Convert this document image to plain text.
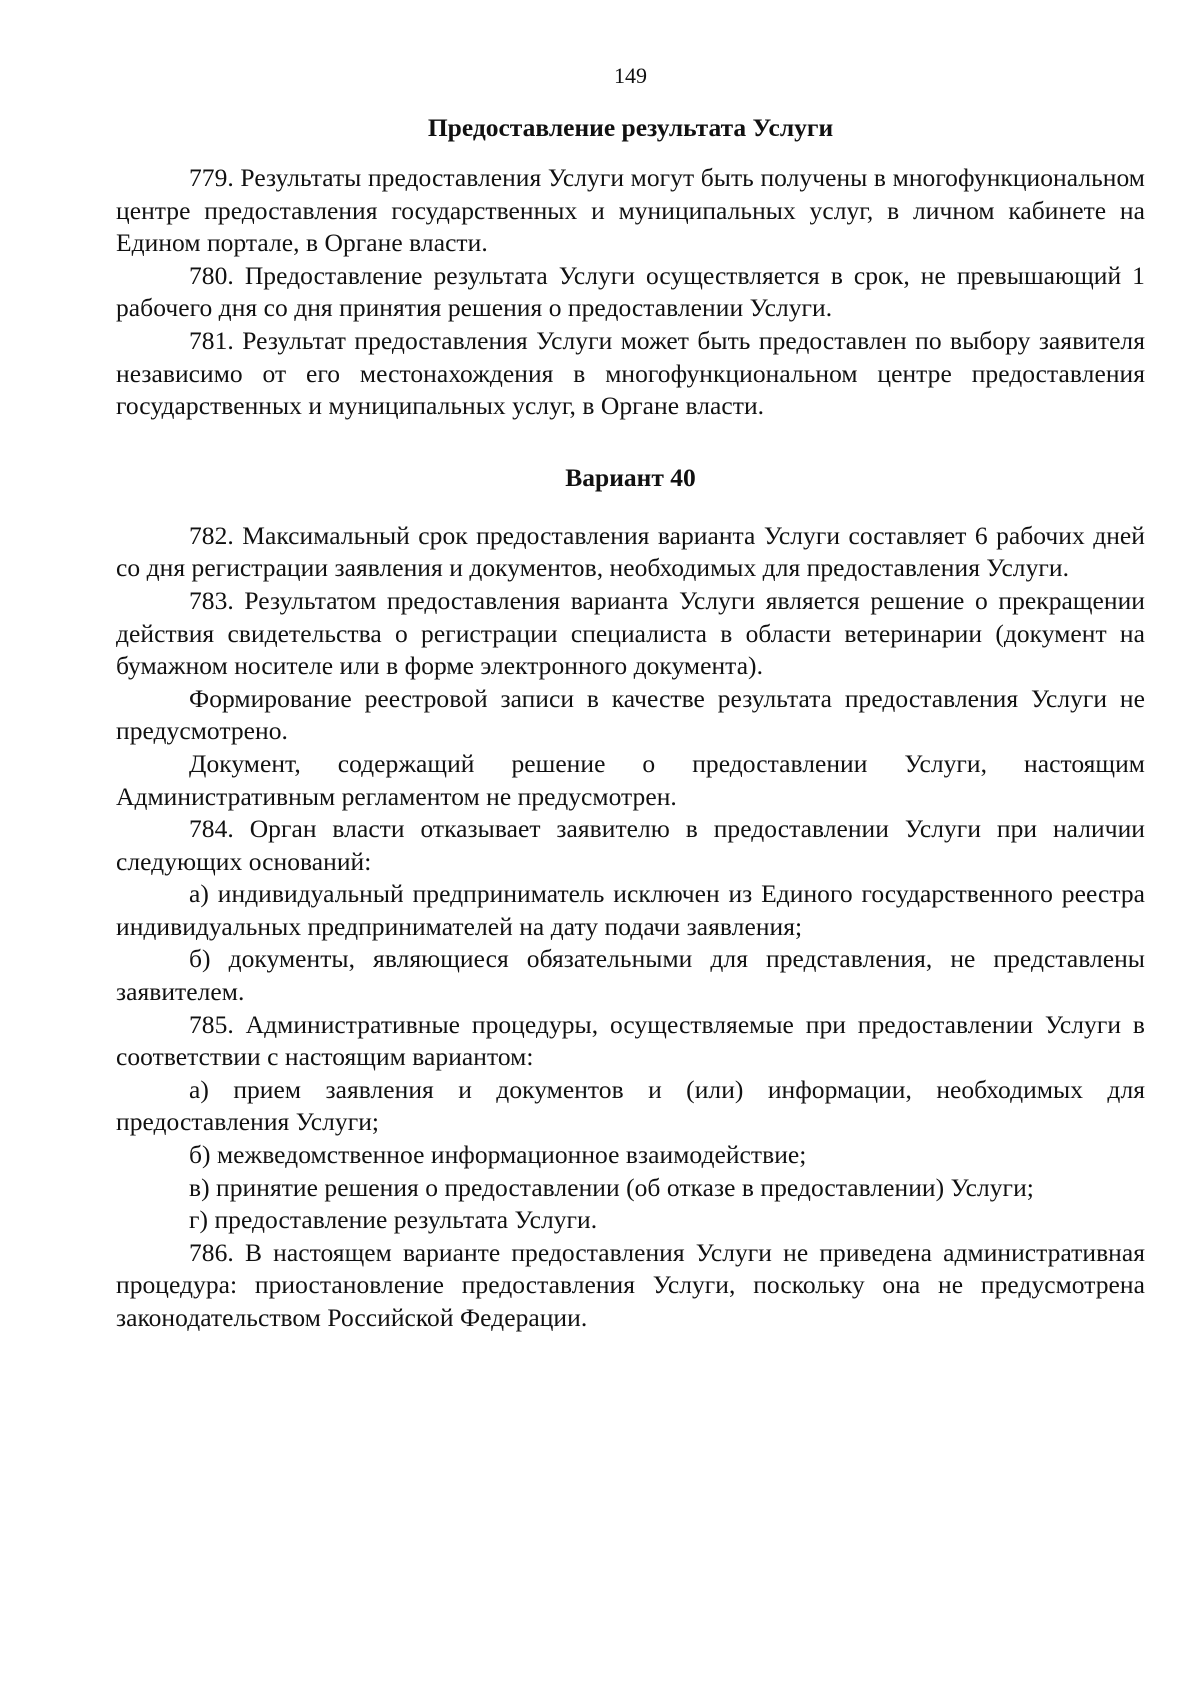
149
Предоставление результата Услуги

779. Результаты предоставления Услуги могут быть получены в многофункциональном центре предоставления государственных и муниципальных услуг, в личном кабинете на Едином портале, в Органе власти.

780. Предоставление результата Услуги осуществляется в срок, не превышающий 1 рабочего дня со дня принятия решения о предоставлении Услуги.

781. Результат предоставления Услуги может быть предоставлен по выбору заявителя независимо от его местонахождения в многофункциональном центре предоставления государственных и муниципальных услуг, в Органе власти.

Вариант 40

782. Максимальный срок предоставления варианта Услуги составляет 6 рабочих дней со дня регистрации заявления и документов, необходимых для предоставления Услуги.

783. Результатом предоставления варианта Услуги является решение о прекращении действия свидетельства о регистрации специалиста в области ветеринарии (документ на бумажном носителе или в форме электронного документа).

Формирование реестровой записи в качестве результата предоставления Услуги не предусмотрено.

Документ, содержащий решение о предоставлении Услуги, настоящим Административным регламентом не предусмотрен.

784. Орган власти отказывает заявителю в предоставлении Услуги при наличии следующих оснований:

а) индивидуальный предприниматель исключен из Единого государственного реестра индивидуальных предпринимателей на дату подачи заявления;

б) документы, являющиеся обязательными для представления, не представлены заявителем.

785. Административные процедуры, осуществляемые при предоставлении Услуги в соответствии с настоящим вариантом:

а) прием заявления и документов и (или) информации, необходимых для предоставления Услуги;

б) межведомственное информационное взаимодействие;

в) принятие решения о предоставлении (об отказе в предоставлении) Услуги;

г) предоставление результата Услуги.

786. В настоящем варианте предоставления Услуги не приведена административная процедура: приостановление предоставления Услуги, поскольку она не предусмотрена законодательством Российской Федерации.
